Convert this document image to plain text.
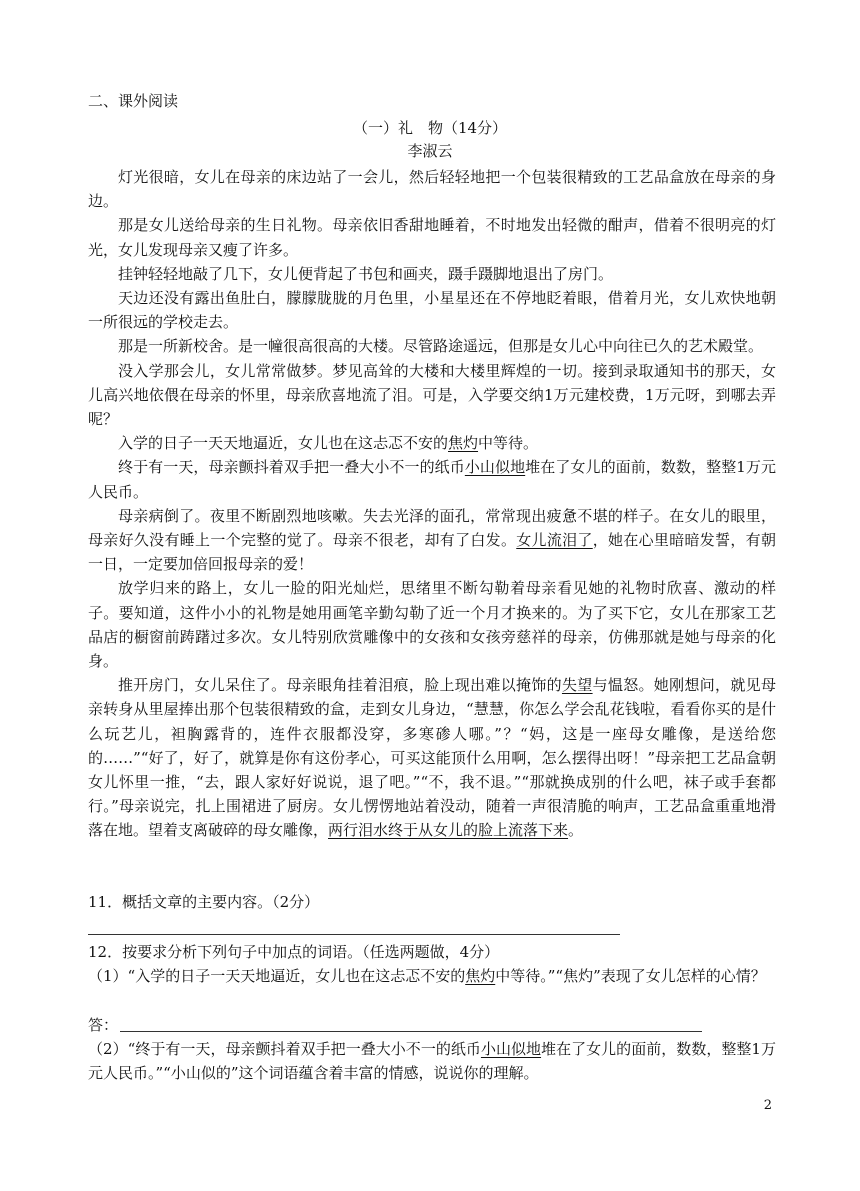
二、课外阅读
（一）礼　物（14分）
李淑云

灯光很暗，女儿在母亲的床边站了一会儿，然后轻轻地把一个包装很精致的工艺品盒放在母亲的身边。

那是女儿送给母亲的生日礼物。母亲依旧香甜地睡着，不时地发出轻微的酣声，借着不很明亮的灯光，女儿发现母亲又瘦了许多。

挂钟轻轻地敲了几下，女儿便背起了书包和画夹，蹑手蹑脚地退出了房门。

天边还没有露出鱼肚白，朦朦胧胧的月色里，小星星还在不停地眨着眼，借着月光，女儿欢快地朝一所很远的学校走去。

那是一所新校舍。是一幢很高很高的大楼。尽管路途遥远，但那是女儿心中向往已久的艺术殿堂。

没入学那会儿，女儿常常做梦。梦见高耸的大楼和大楼里辉煌的一切。接到录取通知书的那天，女儿高兴地依偎在母亲的怀里，母亲欣喜地流了泪。可是，入学要交纳1万元建校费，1万元呀，到哪去弄呢？

入学的日子一天天地逼近，女儿也在这忐忑不安的焦灼中等待。

终于有一天，母亲颤抖着双手把一叠大小不一的纸币小山似地堆在了女儿的面前，数数，整整1万元人民币。

母亲病倒了。夜里不断剧烈地咳嗽。失去光泽的面孔，常常现出疲惫不堪的样子。在女儿的眼里，母亲好久没有睡上一个完整的觉了。母亲不很老，却有了白发。女儿流泪了，她在心里暗暗发誓，有朝一日，一定要加倍回报母亲的爱！

放学归来的路上，女儿一脸的阳光灿烂，思绪里不断勾勒着母亲看见她的礼物时欣喜、激动的样子。要知道，这件小小的礼物是她用画笔辛勤勾勒了近一个月才换来的。为了买下它，女儿在那家工艺品店的橱窗前踌躇过多次。女儿特别欣赏雕像中的女孩和女孩旁慈祥的母亲，仿佛那就是她与母亲的化身。

推开房门，女儿呆住了。母亲眼角挂着泪痕，脸上现出难以掩饰的失望与愠怒。她刚想问，就见母亲转身从里屋捧出那个包装很精致的盒，走到女儿身边，“慧慧，你怎么学会乱花钱啦，看看你买的是什么玩艺儿，袒胸露背的，连件衣服都没穿，多寒碜人哪。”？“妈，这是一座母女雕像，是送给您的……”“好了，好了，就算是你有这份孝心，可买这能顶什么用啊，怎么摆得出呀！”母亲把工艺品盒朝女儿怀里一推，“去，跟人家好好说说，退了吧。”“不，我不退。”“那就换成别的什么吧，袜子或手套都行。”母亲说完，扎上围裙进了厨房。女儿愣愣地站着没动，随着一声很清脆的响声，工艺品盒重重地滑落在地。望着支离破碎的母女雕像，两行泪水终于从女儿的脸上流落下来。

11．概括文章的主要内容。（2分）
12．按要求分析下列句子中加点的词语。（任选两题做，4分）
（1）“入学的日子一天天地逼近，女儿也在这忐忑不安的焦灼中等待。”“焦灼”表现了女儿怎样的心情？
答：
（2）“终于有一天，母亲颤抖着双手把一叠大小不一的纸币小山似地堆在了女儿的面前，数数，整整1万元人民币。”“小山似的”这个词语蕴含着丰富的情感，说说你的理解。
2
